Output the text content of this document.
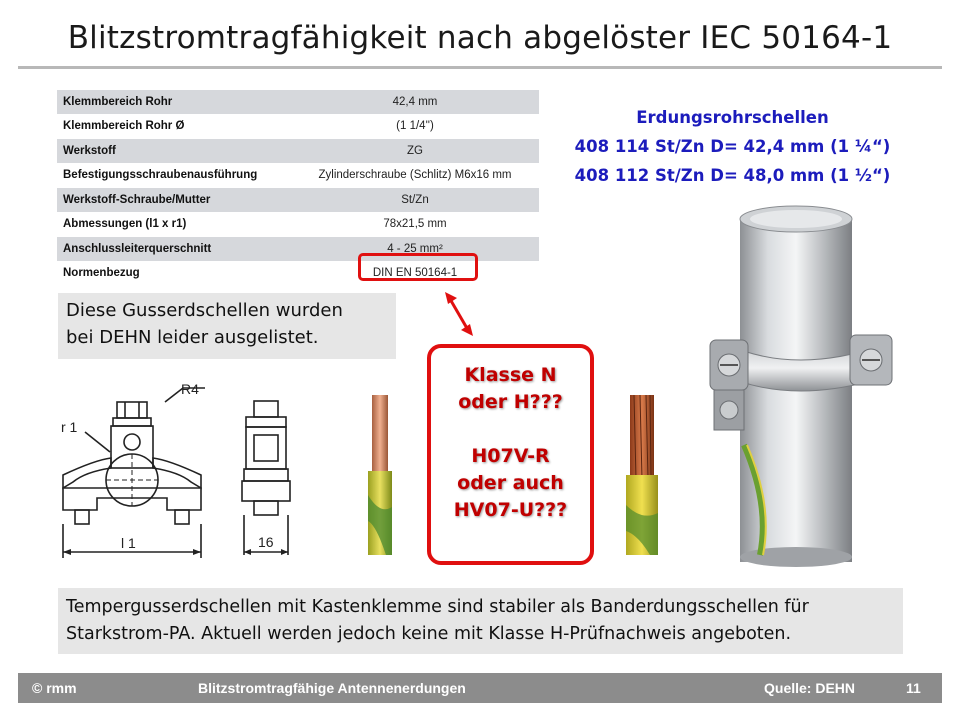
Blitzstromtragfähigkeit nach abgelöster IEC 50164-1
Klemmbereich Rohr	42,4 mm
Klemmbereich Rohr Ø	(1 1/4'')
Werkstoff	ZG
Befestigungsschraubenausführung	Zylinderschraube (Schlitz) M6x16 mm
Werkstoff-Schraube/Mutter	St/Zn
Abmessungen (l1 x r1)	78x21,5 mm
Anschlussleiterquerschnitt	4 - 25 mm²
Normenbezug	DIN EN 50164-1
Erdungsrohrschellen
408 114 St/Zn D= 42,4 mm (1 ¼“)
408 112 St/Zn D= 48,0 mm (1 ½“)
Diese Gusserdschellen wurden
bei DEHN leider ausgelistet.
R4
r 1
l 1	16
Klasse N
oder H???
H07V-R
oder auch
HV07-U???
Tempergusserdschellen mit Kastenklemme sind stabiler als Banderdungsschellen für
Starkstrom-PA. Aktuell werden jedoch keine mit Klasse H-Prüfnachweis angeboten.
© rmm	Blitzstromtragfähige Antennenerdungen	Quelle: DEHN	11
